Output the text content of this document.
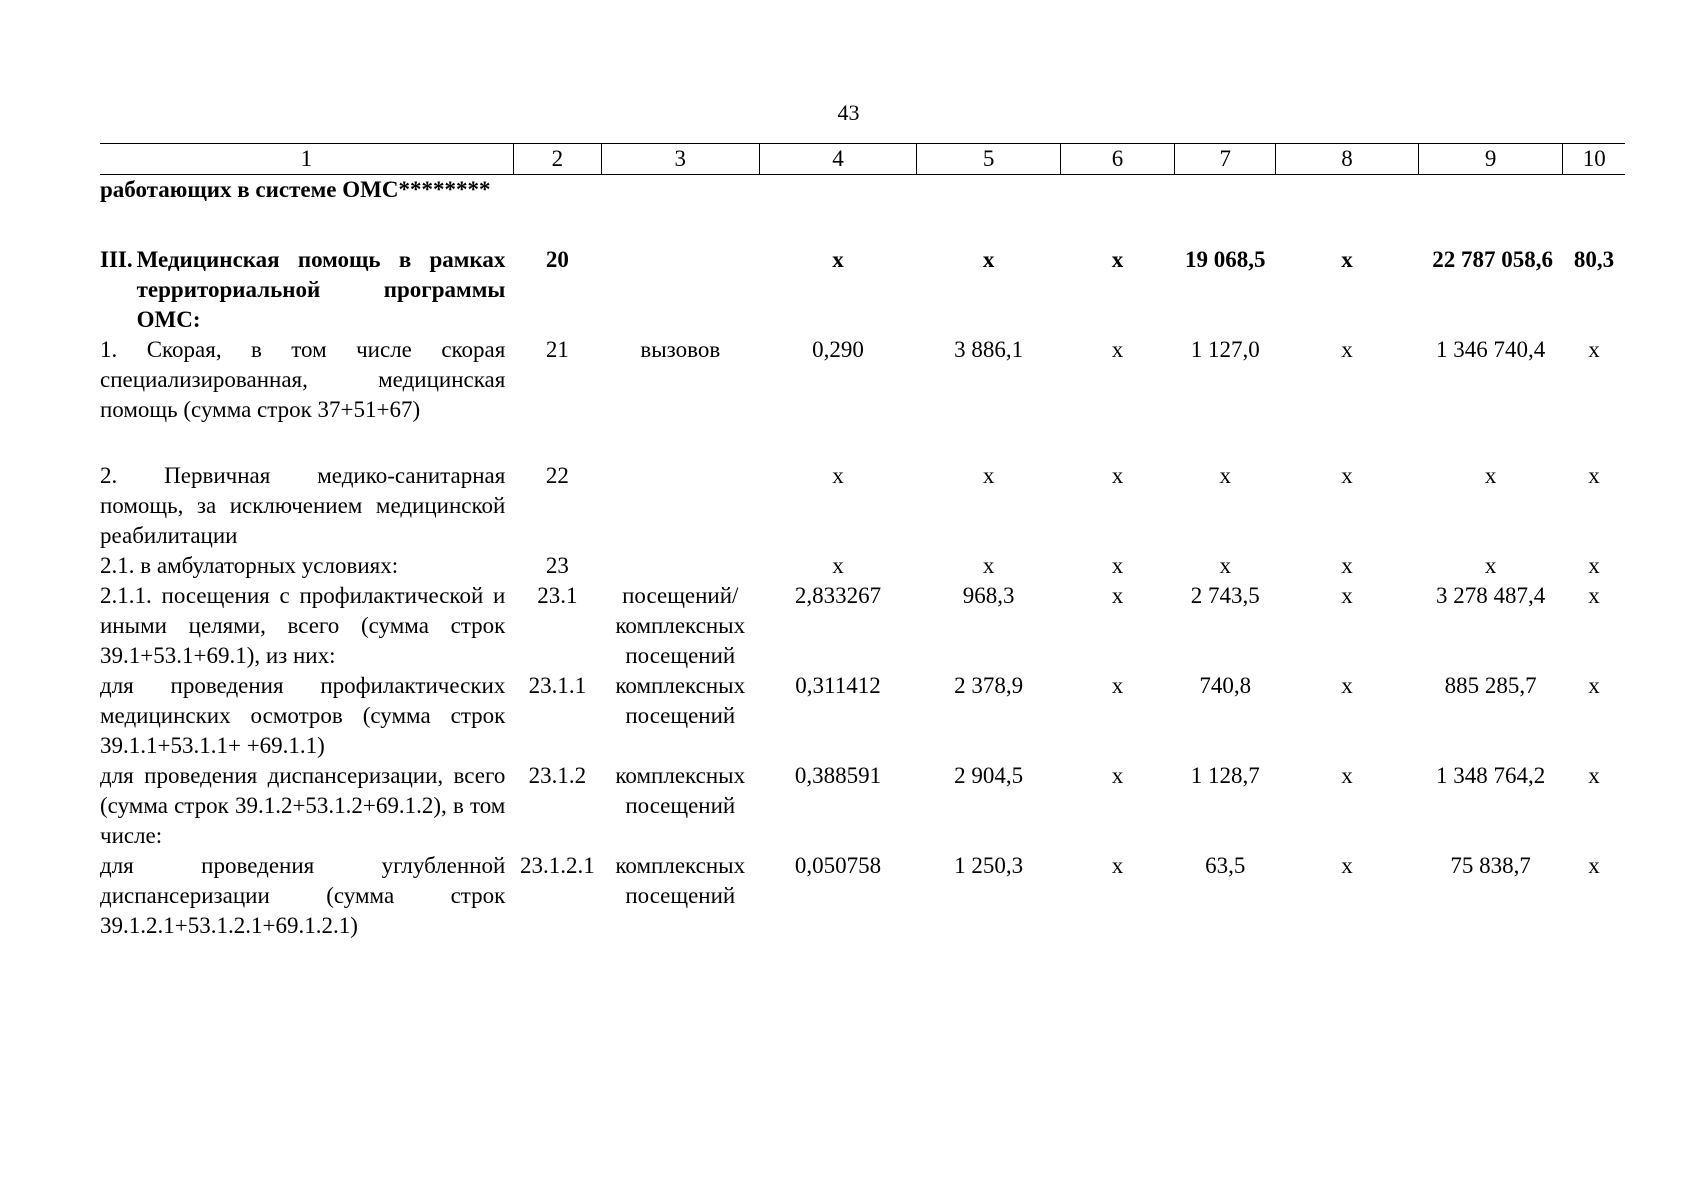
43
1	2	3	4	5	6	7	8	9	10
работающих в системе ОМС********									

III. Медицинская помощь в рамках территориальной программы ОМС:	20		х	х	х	19 068,5	х	22 787 058,6	80,3
1. Скорая, в том числе скорая специализированная, медицинская помощь (сумма строк 37+51+67)	21	вызовов	0,290	3 886,1	х	1 127,0	х	1 346 740,4	х

2. Первичная медико-санитарная помощь, за исключением медицинской реабилитации	22		х	х	х	х	х	х	х
2.1. в амбулаторных условиях:	23		х	х	х	х	х	х	х
2.1.1. посещения с профилактической и иными целями, всего (сумма строк 39.1+53.1+69.1), из них:	23.1	посещений/ комплексных посещений	2,833267	968,3	х	2 743,5	х	3 278 487,4	х
для проведения профилактических медицинских осмотров (сумма строк 39.1.1+53.1.1+ +69.1.1)	23.1.1	комплексных посещений	0,311412	2 378,9	х	740,8	х	885 285,7	х
для проведения диспансеризации, всего (сумма строк 39.1.2+53.1.2+69.1.2), в том числе:	23.1.2	комплексных посещений	0,388591	2 904,5	х	1 128,7	х	1 348 764,2	х
для проведения углубленной диспансеризации (сумма строк 39.1.2.1+53.1.2.1+69.1.2.1)	23.1.2.1	комплексных посещений	0,050758	1 250,3	х	63,5	х	75 838,7	х
